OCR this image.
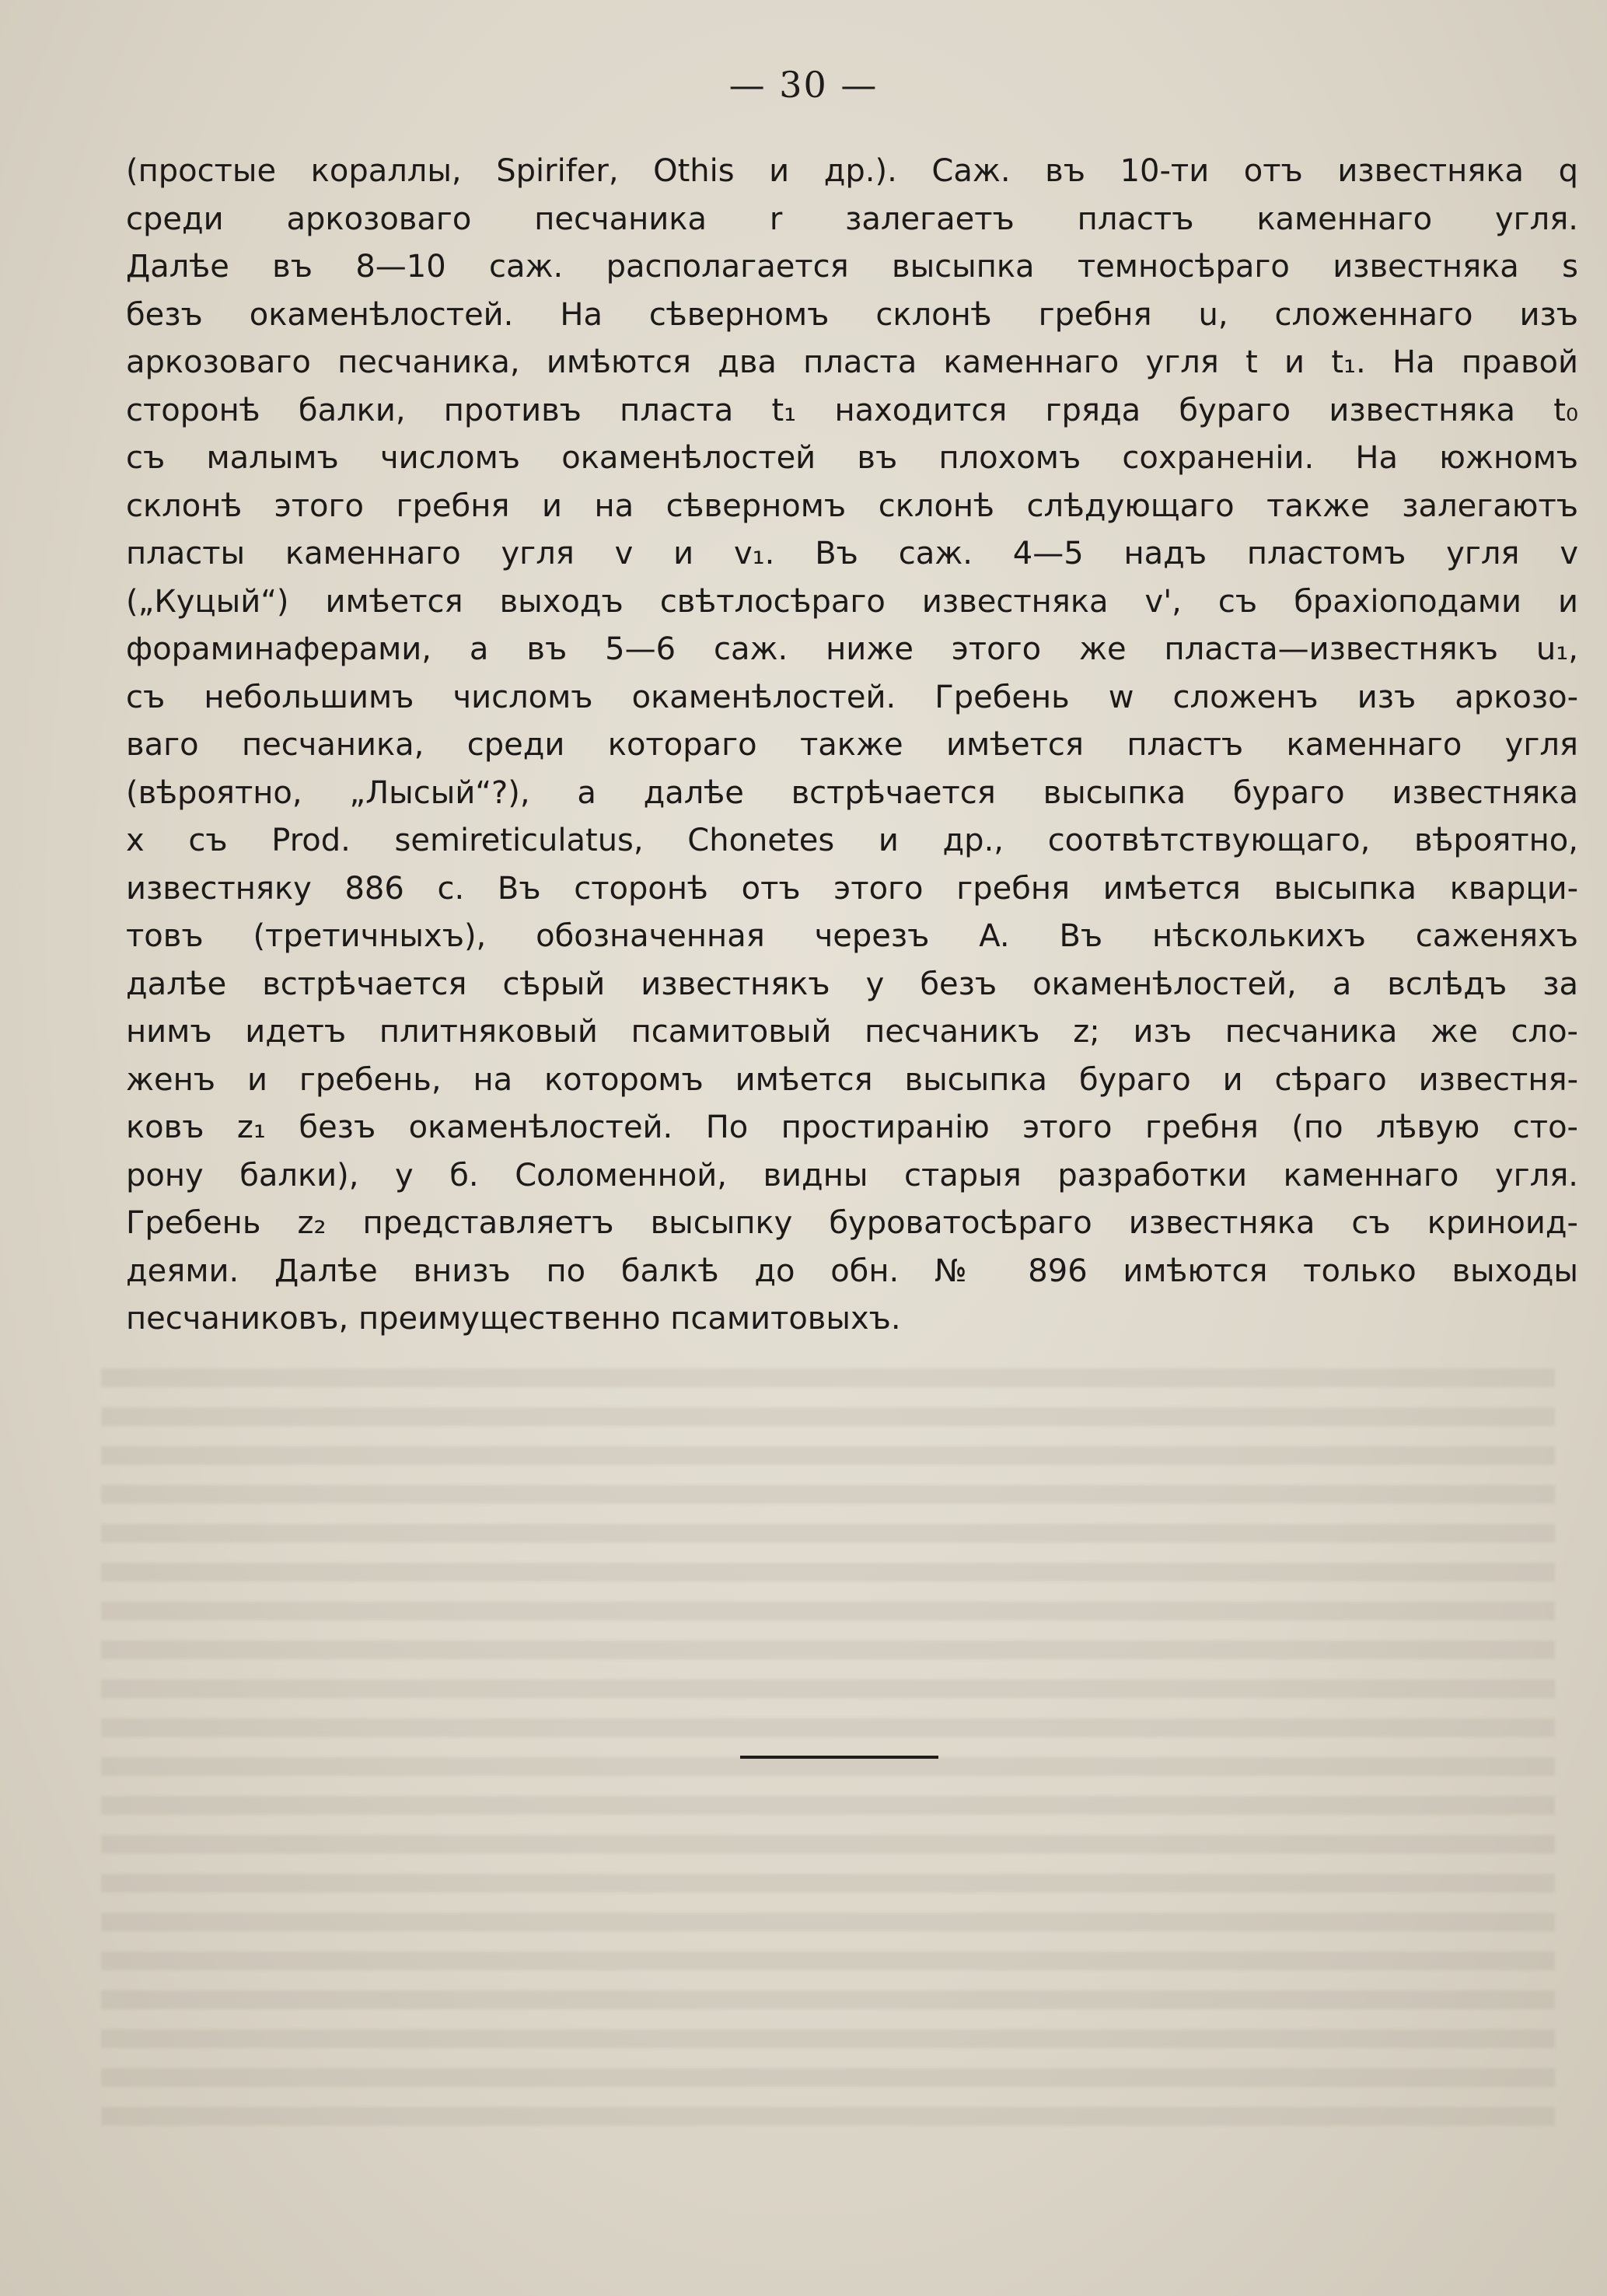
— 30 —
(простые кораллы, Spirifer, Othis и др.). Саж. въ 10-ти отъ известняка q
среди аркозоваго песчаника r залегаетъ пластъ каменнаго угля.
Далѣе въ 8—10 саж. располагается высыпка темносѣраго известняка s
безъ окаменѣлостей. На сѣверномъ склонѣ гребня u, сложеннаго изъ
аркозоваго песчаника, имѣются два пласта каменнаго угля t и t₁. На правой
сторонѣ балки, противъ пласта t₁ находится гряда бураго известняка t₀
съ малымъ числомъ окаменѣлостей въ плохомъ сохраненіи. На южномъ
склонѣ этого гребня и на сѣверномъ склонѣ слѣдующаго также залегаютъ
пласты каменнаго угля v и v₁. Въ саж. 4—5 надъ пластомъ угля v
(„Куцый“) имѣется выходъ свѣтлосѣраго известняка v', съ брахіоподами и
фораминаферами, а въ 5—6 саж. ниже этого же пласта—известнякъ u₁,
съ небольшимъ числомъ окаменѣлостей. Гребень w сложенъ изъ аркозо-
ваго песчаника, среди котораго также имѣется пластъ каменнаго угля
(вѣроятно, „Лысый“?), а далѣе встрѣчается высыпка бураго известняка
x съ Prod. semireticulatus, Chonetes и др., соотвѣтствующаго, вѣроятно,
известняку 886 c. Въ сторонѣ отъ этого гребня имѣется высыпка кварци-
товъ (третичныхъ), обозначенная черезъ A. Въ нѣсколькихъ саженяхъ
далѣе встрѣчается сѣрый известнякъ y безъ окаменѣлостей, а вслѣдъ за
нимъ идетъ плитняковый псамитовый песчаникъ z; изъ песчаника же сло-
женъ и гребень, на которомъ имѣется высыпка бураго и сѣраго известня-
ковъ z₁ безъ окаменѣлостей. По простиранію этого гребня (по лѣвую сто-
рону балки), у б. Соломенной, видны старыя разработки каменнаго угля.
Гребень z₂ представляетъ высыпку буроватосѣраго известняка съ криноид-
деями. Далѣе внизъ по балкѣ до обн. № 896 имѣются только выходы
песчаниковъ, преимущественно псамитовыхъ.
